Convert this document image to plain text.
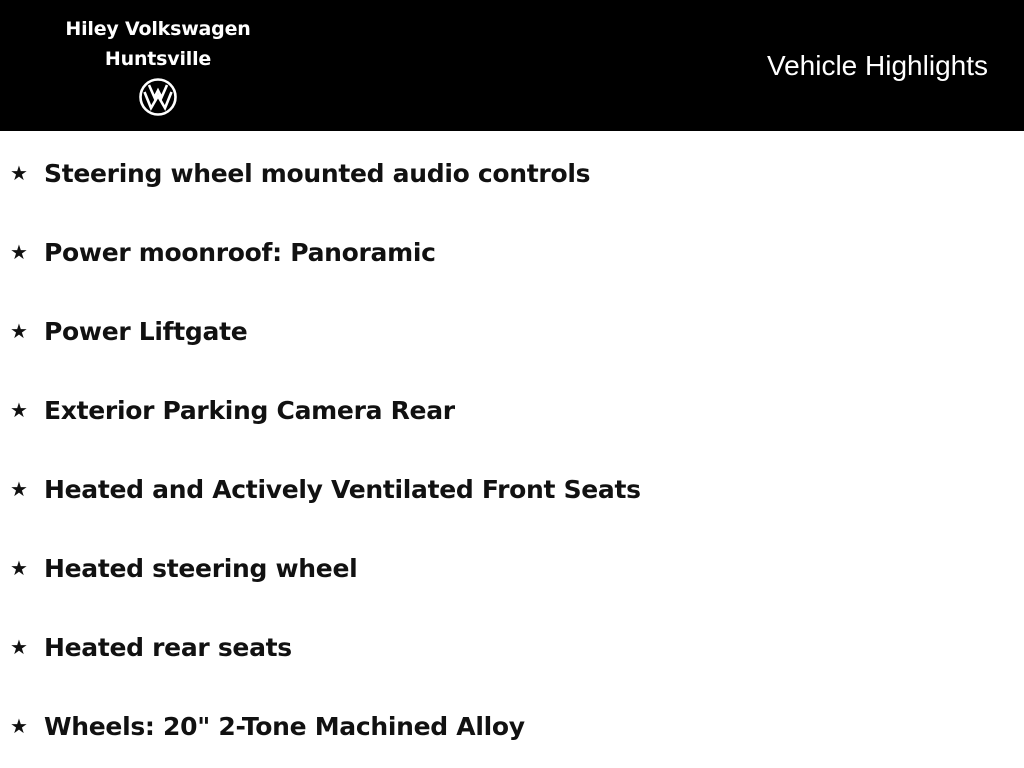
Hiley Volkswagen
Huntsville	Vehicle Highlights
★ Steering wheel mounted audio controls
★ Power moonroof: Panoramic
★ Power Liftgate
★ Exterior Parking Camera Rear
★ Heated and Actively Ventilated Front Seats
★ Heated steering wheel
★ Heated rear seats
★ Wheels: 20" 2-Tone Machined Alloy
